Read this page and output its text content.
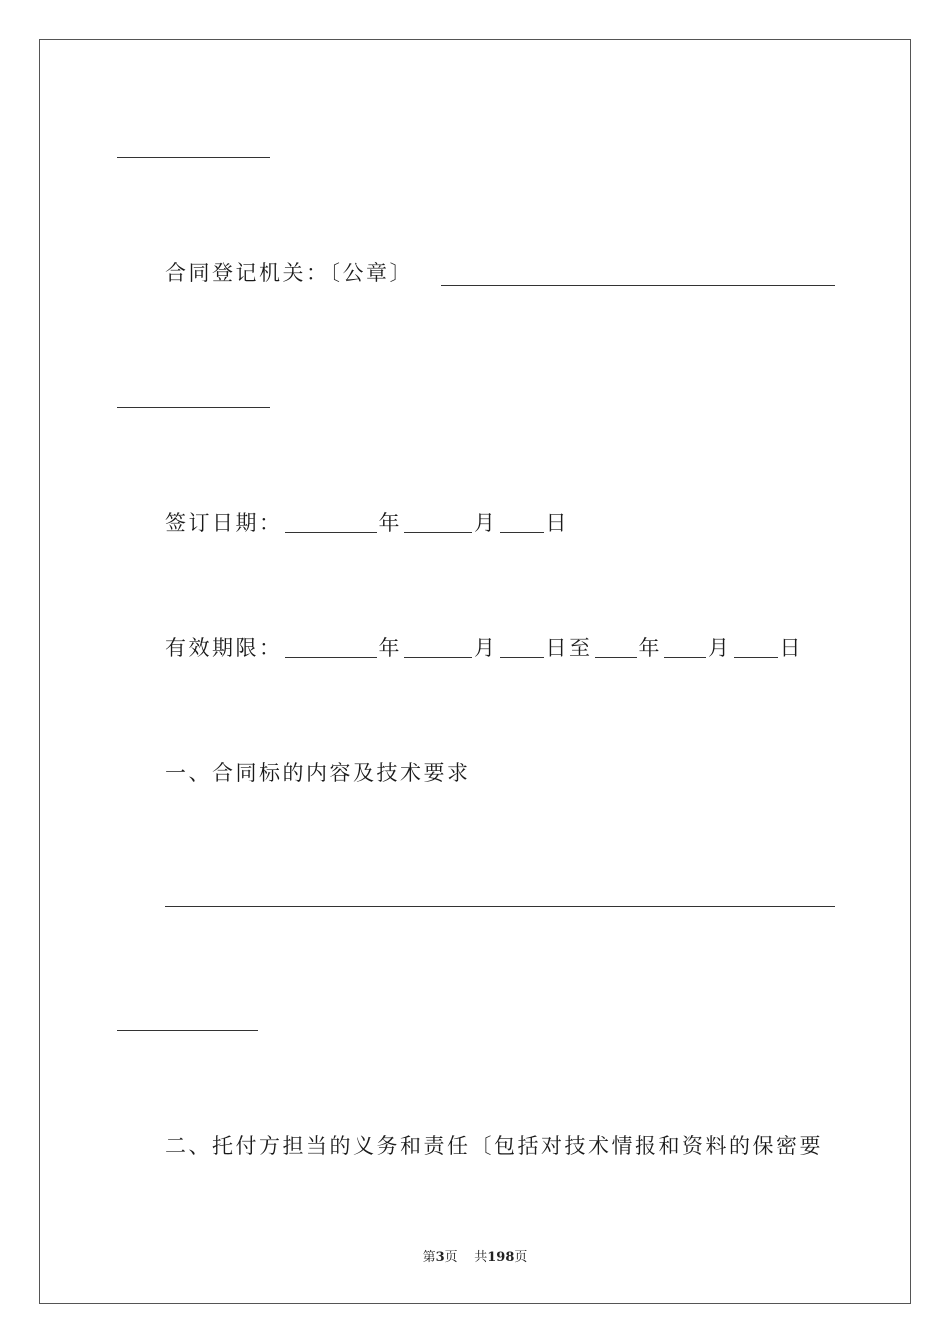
合同登记机关：〔公章〕
签订日期：	年	月 日
有效期限：	年	月 日至 年 月 日
一、合同标的内容及技术要求
二、托付方担当的义务和责任〔包括对技术情报和资料的保密要
第3页 共198页
